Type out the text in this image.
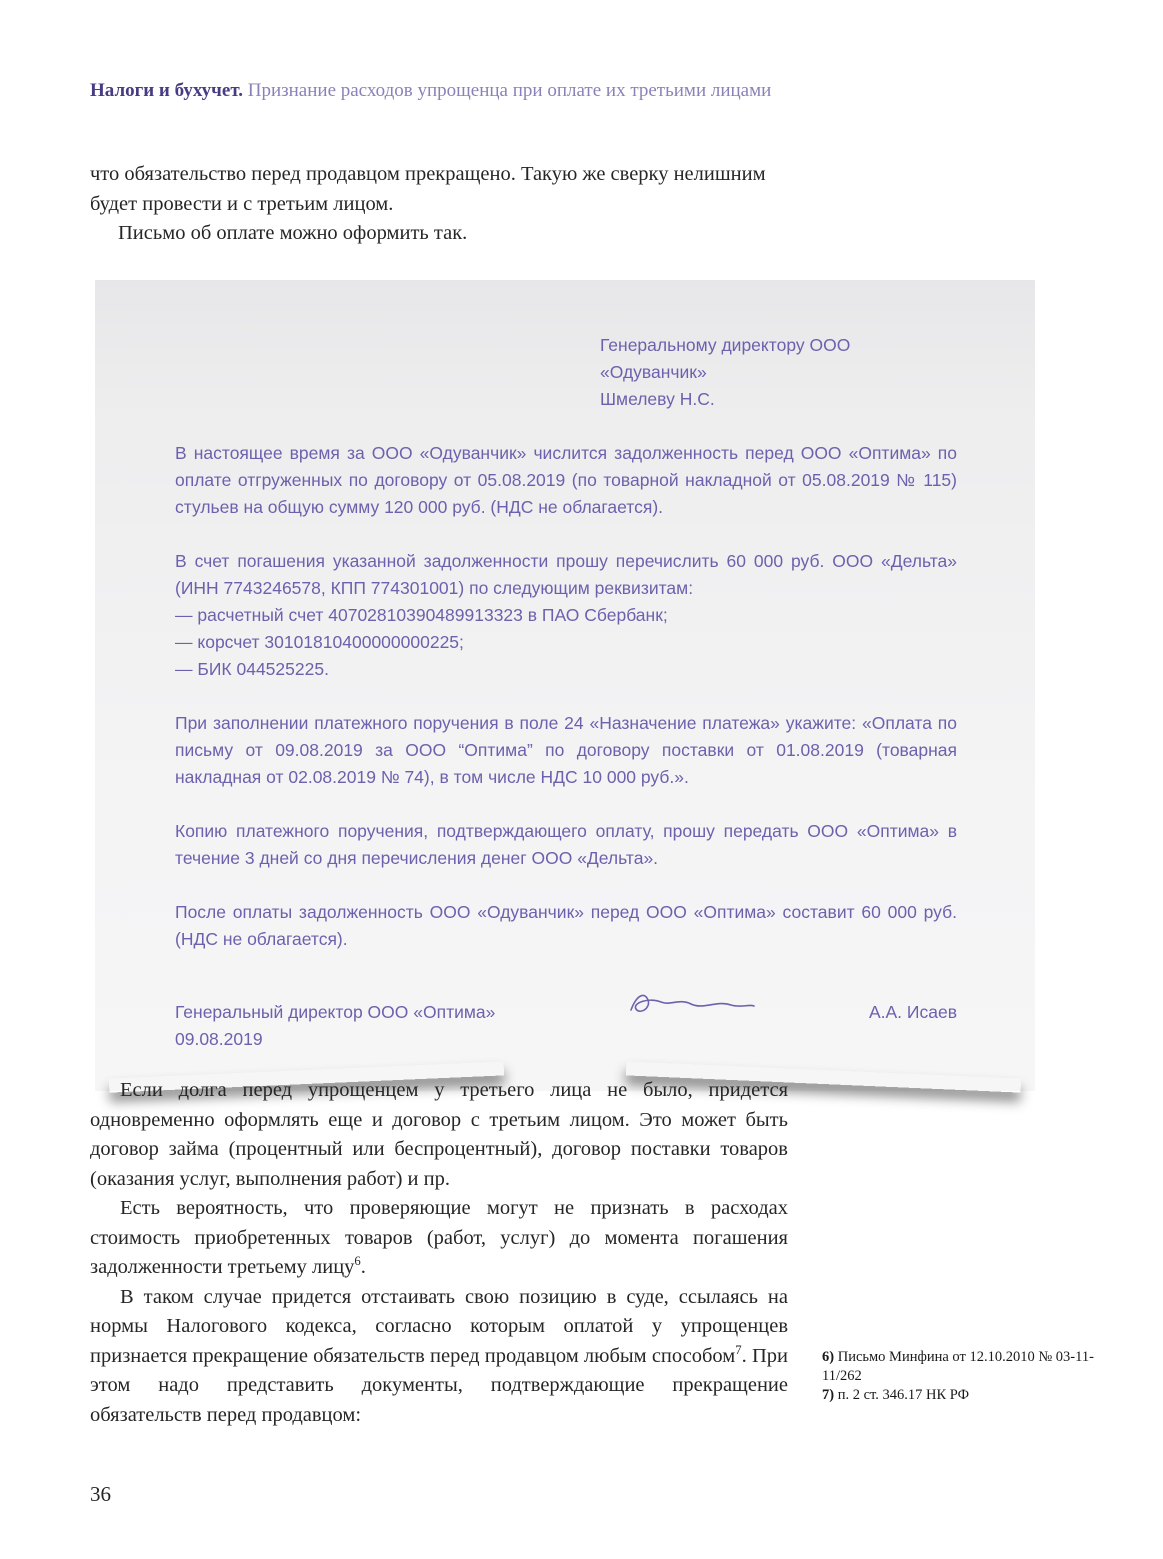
Налоги и бухучет. Признание расходов упрощенца при оплате их третьими лицами

что обязательство перед продавцом прекращено. Такую же сверку нелишним будет провести и с третьим лицом.

Письмо об оплате можно оформить так.

Генеральному директору ООО «Одуванчик»
Шмелеву Н.С.

В настоящее время за ООО «Одуванчик» числится задолженность перед ООО «Оптима» по оплате отгруженных по договору от 05.08.2019 (по товарной накладной от 05.08.2019 № 115) стульев на общую сумму 120 000 руб. (НДС не облагается).

В счет погашения указанной задолженности прошу перечислить 60 000 руб. ООО «Дельта» (ИНН 7743246578, КПП 774301001) по следующим реквизитам:

— расчетный счет 40702810390489913323 в ПАО Сбербанк;
— корсчет 30101810400000000225;
— БИК 044525225.

При заполнении платежного поручения в поле 24 «Назначение платежа» укажите: «Оплата по письму от 09.08.2019 за ООО “Оптима” по договору поставки от 01.08.2019 (товарная накладная от 02.08.2019 № 74), в том числе НДС 10 000 руб.».

Копию платежного поручения, подтверждающего оплату, прошу передать ООО «Оптима» в течение 3 дней со дня перечисления денег ООО «Дельта».

После оплаты задолженность ООО «Одуванчик» перед ООО «Оптима» составит 60 000 руб. (НДС не облагается).

Генеральный директор ООО «Оптима»	А.А. Исаев
09.08.2019

Если долга перед упрощенцем у третьего лица не было, придется одновременно оформлять еще и договор с третьим лицом. Это может быть договор займа (процентный или беспроцентный), договор поставки товаров (оказания услуг, выполнения работ) и пр.

Есть вероятность, что проверяющие могут не признать в расходах стоимость приобретенных товаров (работ, услуг) до момента погашения задолженности третьему лицу$^6$.

В таком случае придется отстаивать свою позицию в суде, ссылаясь на нормы Налогового кодекса, согласно которым оплатой у упрощенцев признается прекращение обязательств перед продавцом любым способом$^7$. При этом надо представить документы, подтверждающие прекращение обязательств перед продавцом:

6) Письмо Минфина от 12.10.2010 № 03-11-11/262
7) п. 2 ст. 346.17 НК РФ
36
